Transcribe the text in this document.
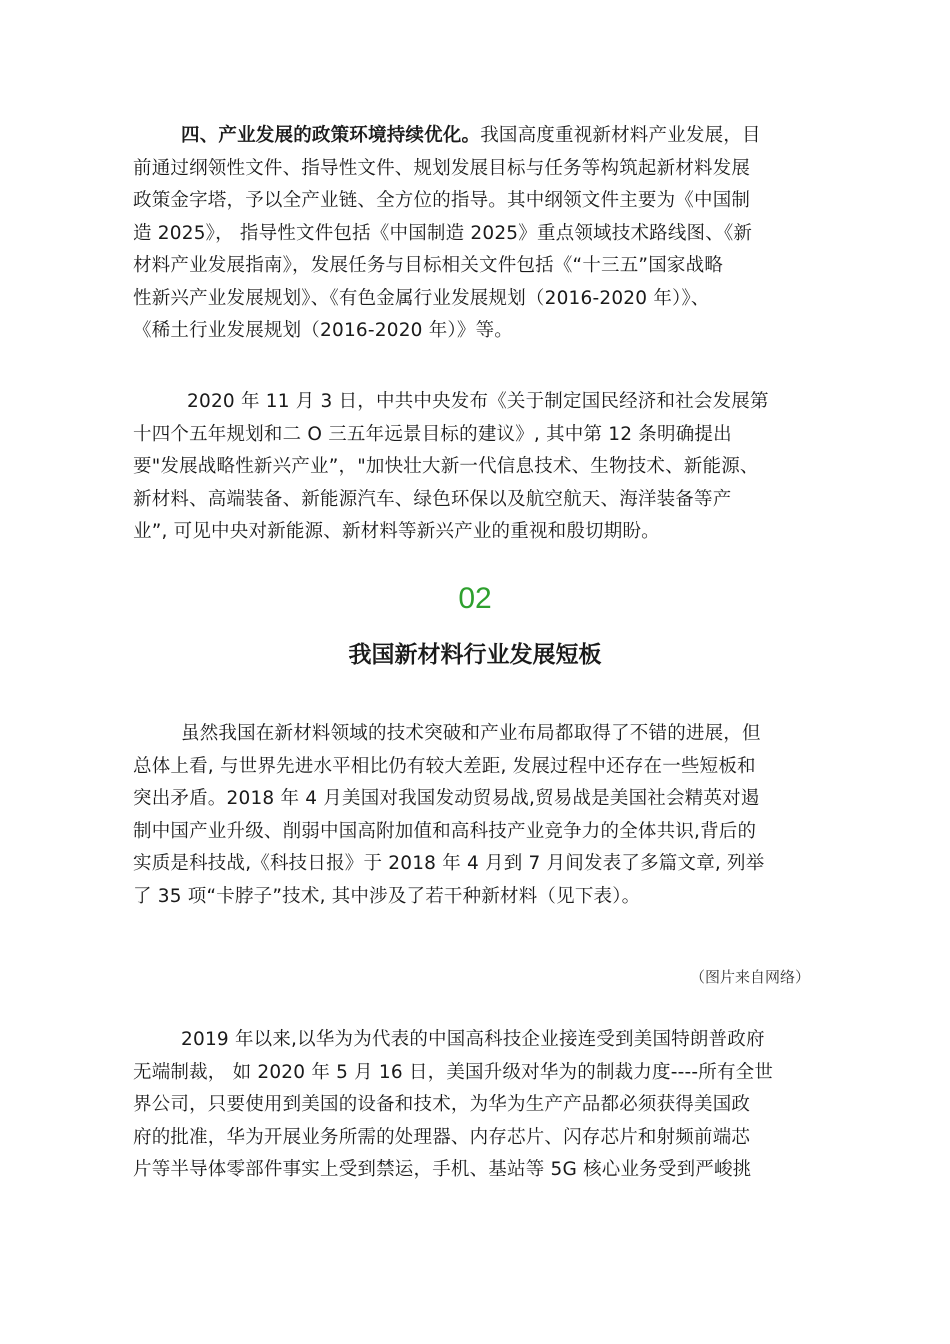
四、产业发展的政策环境持续优化。我国高度重视新材料产业发展，目
前通过纲领性文件、指导性文件、规划发展目标与任务等构筑起新材料发展
政策金字塔，予以全产业链、全方位的指导。其中纲领文件主要为《中国制
造 2025》， 指导性文件包括《中国制造 2025》重点领域技术路线图、《新
材料产业发展指南》，发展任务与目标相关文件包括《“十三五”国家战略
性新兴产业发展规划》、《有色金属行业发展规划（2016-2020 年）》、
《稀土行业发展规划（2016-2020 年）》等。
2020 年 11 月 3 日，中共中央发布《关于制定国民经济和社会发展第
十四个五年规划和二 O 三五年远景目标的建议》, 其中第 12 条明确提出
要"发展战略性新兴产业”，"加快壮大新一代信息技术、生物技术、新能源、
新材料、高端装备、新能源汽车、绿色环保以及航空航天、海洋装备等产
业”, 可见中央对新能源、新材料等新兴产业的重视和殷切期盼。
02
我国新材料行业发展短板
虽然我国在新材料领域的技术突破和产业布局都取得了不错的进展，但
总体上看, 与世界先进水平相比仍有较大差距, 发展过程中还存在一些短板和
突出矛盾。2018 年 4 月美国对我国发动贸易战,贸易战是美国社会精英对遏
制中国产业升级、削弱中国高附加值和高科技产业竞争力的全体共识,背后的
实质是科技战,《科技日报》于 2018 年 4 月到 7 月间发表了多篇文章, 列举
了 35 项“卡脖子”技术, 其中涉及了若干种新材料（见下表）。
（图片来自网络）
2019 年以来,以华为为代表的中国高科技企业接连受到美国特朗普政府
无端制裁， 如 2020 年 5 月 16 日，美国升级对华为的制裁力度----所有全世
界公司，只要使用到美国的设备和技术，为华为生产产品都必须获得美国政
府的批准，华为开展业务所需的处理器、内存芯片、闪存芯片和射频前端芯
片等半导体零部件事实上受到禁运，手机、基站等 5G 核心业务受到严峻挑
